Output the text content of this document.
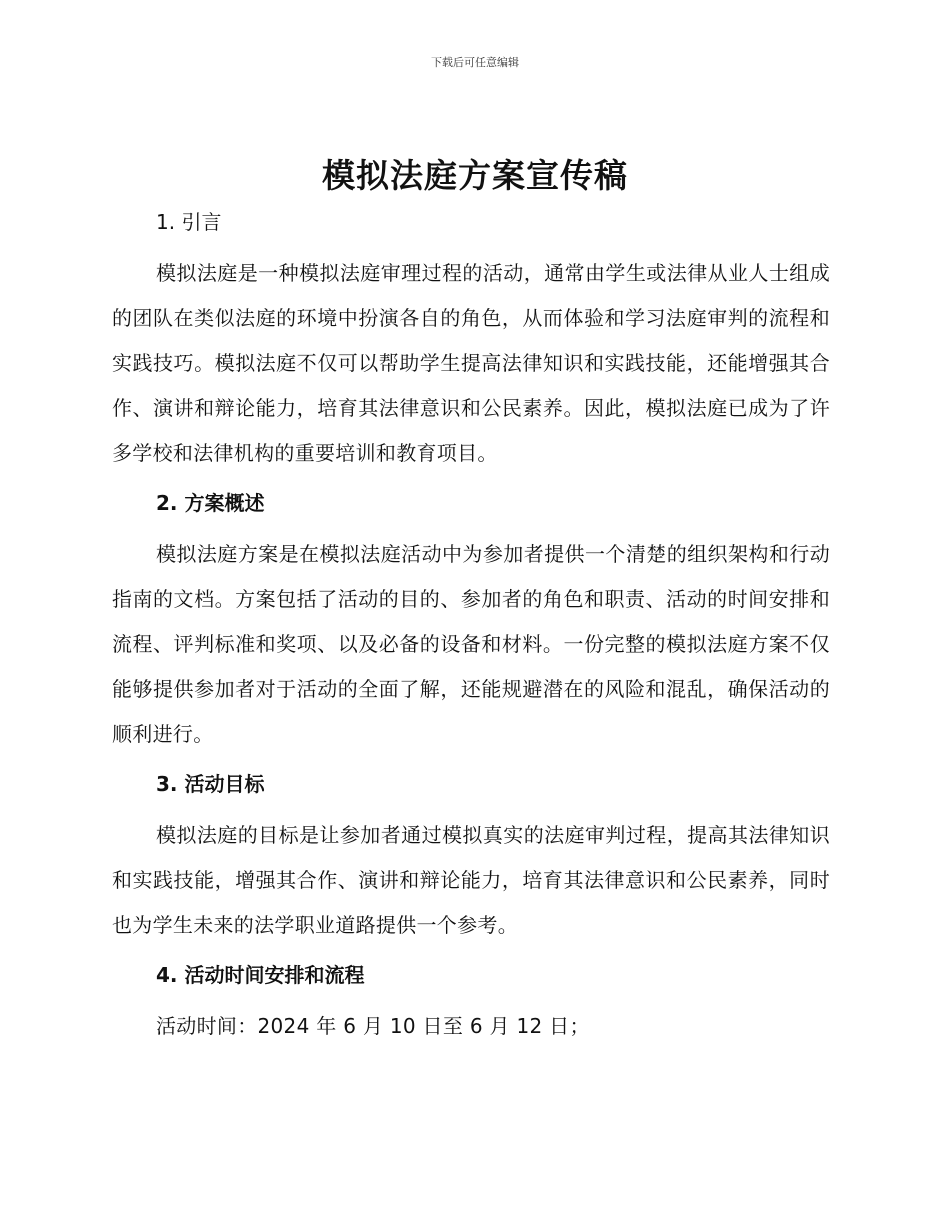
下载后可任意编辑
模拟法庭方案宣传稿
1. 引言

模拟法庭是一种模拟法庭审理过程的活动，通常由学生或法律从业人士组成的团队在类似法庭的环境中扮演各自的角色，从而体验和学习法庭审判的流程和实践技巧。模拟法庭不仅可以帮助学生提高法律知识和实践技能，还能增强其合作、演讲和辩论能力，培育其法律意识和公民素养。因此，模拟法庭已成为了许多学校和法律机构的重要培训和教育项目。

2. 方案概述

模拟法庭方案是在模拟法庭活动中为参加者提供一个清楚的组织架构和行动指南的文档。方案包括了活动的目的、参加者的角色和职责、活动的时间安排和流程、评判标准和奖项、以及必备的设备和材料。一份完整的模拟法庭方案不仅能够提供参加者对于活动的全面了解，还能规避潜在的风险和混乱，确保活动的顺利进行。

3. 活动目标

模拟法庭的目标是让参加者通过模拟真实的法庭审判过程，提高其法律知识和实践技能，增强其合作、演讲和辩论能力，培育其法律意识和公民素养，同时也为学生未来的法学职业道路提供一个参考。

4. 活动时间安排和流程

活动时间：2024 年 6 月 10 日至 6 月 12 日；
